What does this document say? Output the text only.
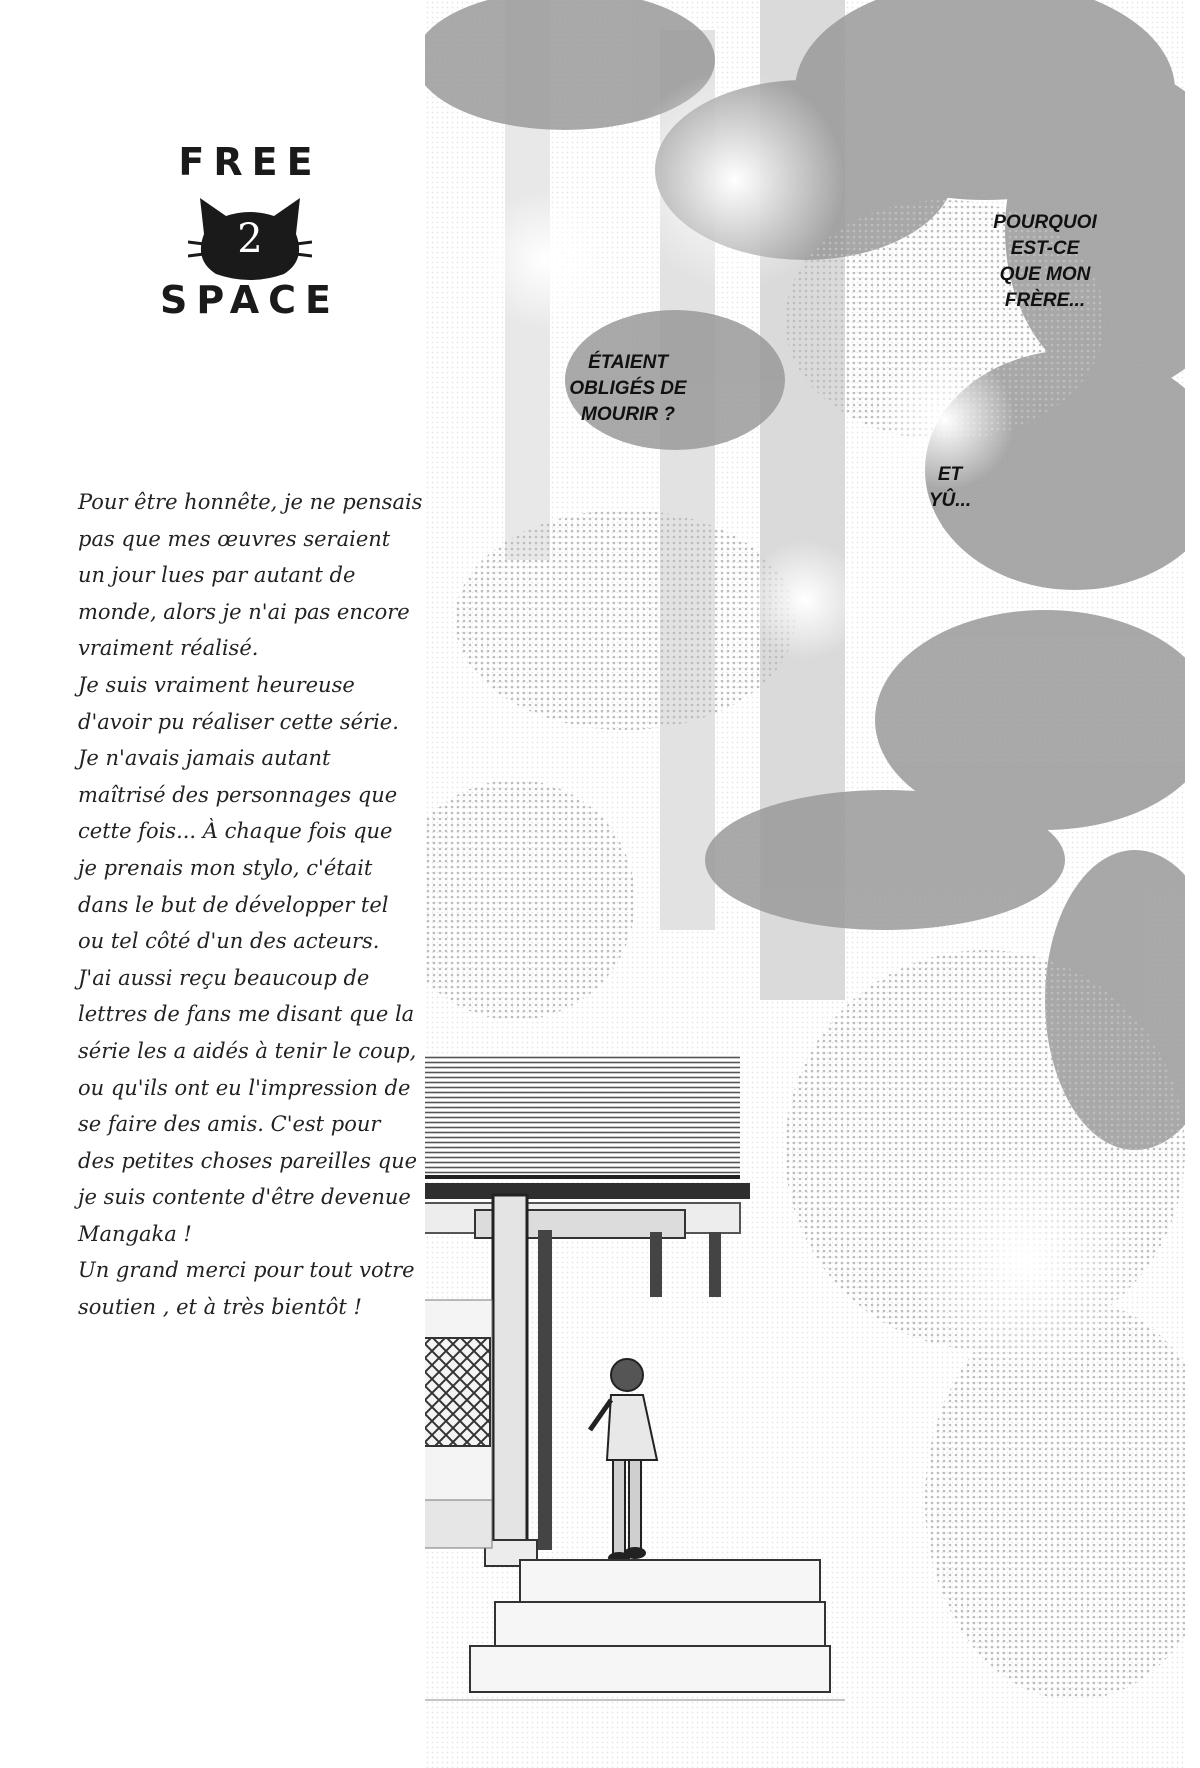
FREE
2
SPACE
Pour être honnête, je ne pensais
pas que mes œuvres seraient
un jour lues par autant de
monde, alors je n'ai pas encore
vraiment réalisé.
Je suis vraiment heureuse
d'avoir pu réaliser cette série.
Je n'avais jamais autant
maîtrisé des personnages que
cette fois... À chaque fois que
je prenais mon stylo, c'était
dans le but de développer tel
ou tel côté d'un des acteurs.
J'ai aussi reçu beaucoup de
lettres de fans me disant que la
série les a aidés à tenir le coup,
ou qu'ils ont eu l'impression de
se faire des amis. C'est pour
des petites choses pareilles que
je suis contente d'être devenue
Mangaka !
Un grand merci pour tout votre
soutien , et à très bientôt !
POURQUOI
EST-CE
QUE MON
FRÈRE...
ÉTAIENT
OBLIGÉS DE
MOURIR ?
ET
YÛ...
